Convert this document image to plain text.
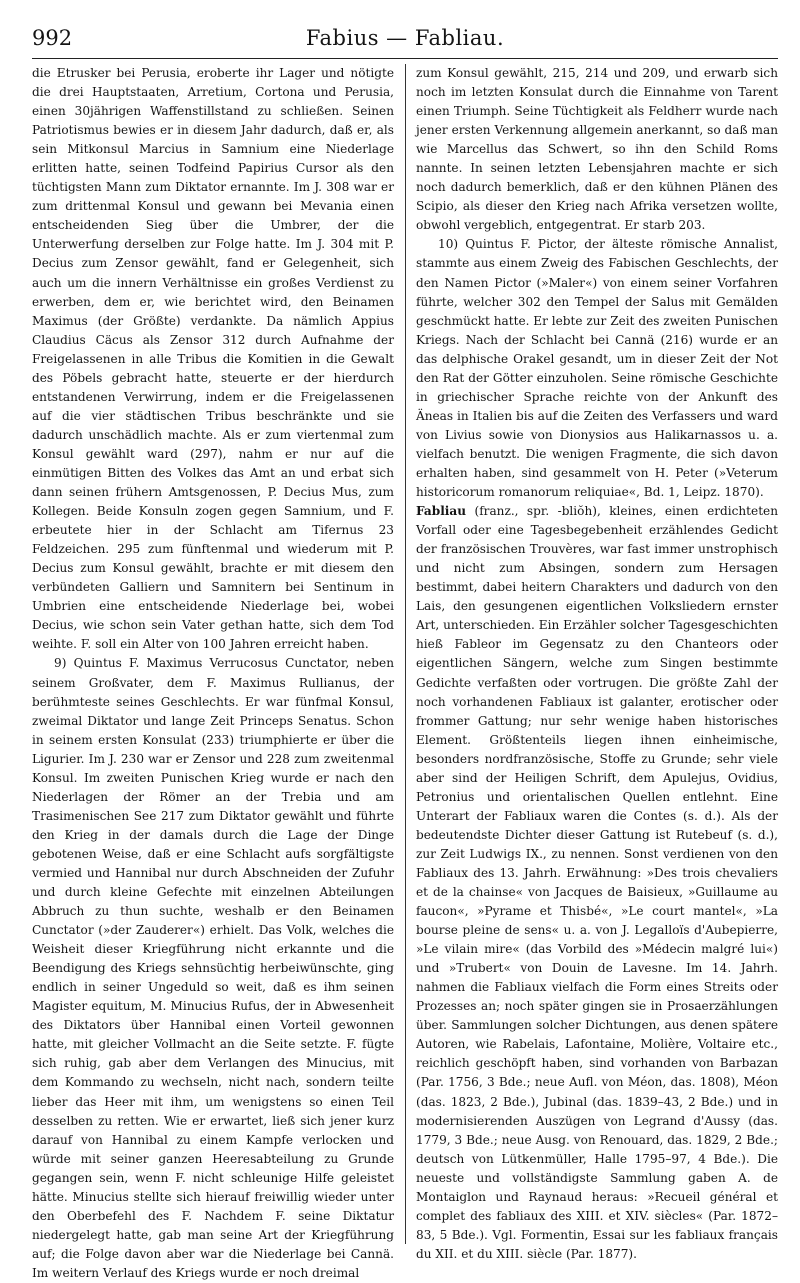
992	Fabius — Fabliau.

die Etrusker bei Perusia, eroberte ihr Lager und nötigte die drei Hauptstaaten, Arretium, Cortona und Perusia, einen 30jährigen Waffenstillstand zu schließen. Seinen Patriotismus bewies er in diesem Jahr dadurch, daß er, als sein Mitkonsul Marcius in Samnium eine Niederlage erlitten hatte, seinen Todfeind Papirius Cursor als den tüchtigsten Mann zum Diktator ernannte. Im J. 308 war er zum drittenmal Konsul und gewann bei Mevania einen entscheidenden Sieg über die Umbrer, der die Unterwerfung derselben zur Folge hatte. Im J. 304 mit P. Decius zum Zensor gewählt, fand er Gelegenheit, sich auch um die innern Verhältnisse ein großes Verdienst zu erwerben, dem er, wie berichtet wird, den Beinamen Maximus (der Größte) verdankte. Da nämlich Appius Claudius Cäcus als Zensor 312 durch Aufnahme der Freigelassenen in alle Tribus die Komitien in die Gewalt des Pöbels gebracht hatte, steuerte er der hierdurch entstandenen Verwirrung, indem er die Freigelassenen auf die vier städtischen Tribus beschränkte und sie dadurch unschädlich machte. Als er zum viertenmal zum Konsul gewählt ward (297), nahm er nur auf die einmütigen Bitten des Volkes das Amt an und erbat sich dann seinen frühern Amtsgenossen, P. Decius Mus, zum Kollegen. Beide Konsuln zogen gegen Samnium, und F. erbeutete hier in der Schlacht am Tifernus 23 Feldzeichen. 295 zum fünftenmal und wiederum mit P. Decius zum Konsul gewählt, brachte er mit diesem den verbündeten Galliern und Samnitern bei Sentinum in Umbrien eine entscheidende Niederlage bei, wobei Decius, wie schon sein Vater gethan hatte, sich dem Tod weihte. F. soll ein Alter von 100 Jahren erreicht haben.

9) Quintus F. Maximus Verrucosus Cunctator, neben seinem Großvater, dem F. Maximus Rullianus, der berühmteste seines Geschlechts. Er war fünfmal Konsul, zweimal Diktator und lange Zeit Princeps Senatus. Schon in seinem ersten Konsulat (233) triumphierte er über die Ligurier. Im J. 230 war er Zensor und 228 zum zweitenmal Konsul. Im zweiten Punischen Krieg wurde er nach den Niederlagen der Römer an der Trebia und am Trasimenischen See 217 zum Diktator gewählt und führte den Krieg in der damals durch die Lage der Dinge gebotenen Weise, daß er eine Schlacht aufs sorgfältigste vermied und Hannibal nur durch Abschneiden der Zufuhr und durch kleine Gefechte mit einzelnen Abteilungen Abbruch zu thun suchte, weshalb er den Beinamen Cunctator (»der Zauderer«) erhielt. Das Volk, welches die Weisheit dieser Kriegführung nicht erkannte und die Beendigung des Kriegs sehnsüchtig herbeiwünschte, ging endlich in seiner Ungeduld so weit, daß es ihm seinen Magister equitum, M. Minucius Rufus, der in Abwesenheit des Diktators über Hannibal einen Vorteil gewonnen hatte, mit gleicher Vollmacht an die Seite setzte. F. fügte sich ruhig, gab aber dem Verlangen des Minucius, mit dem Kommando zu wechseln, nicht nach, sondern teilte lieber das Heer mit ihm, um wenigstens so einen Teil desselben zu retten. Wie er erwartet, ließ sich jener kurz darauf von Hannibal zu einem Kampfe verlocken und würde mit seiner ganzen Heeresabteilung zu Grunde gegangen sein, wenn F. nicht schleunige Hilfe geleistet hätte. Minucius stellte sich hierauf freiwillig wieder unter den Oberbefehl des F. Nachdem F. seine Diktatur niedergelegt hatte, gab man seine Art der Kriegführung auf; die Folge davon aber war die Niederlage bei Cannä. Im weitern Verlauf des Kriegs wurde er noch dreimal

zum Konsul gewählt, 215, 214 und 209, und erwarb sich noch im letzten Konsulat durch die Einnahme von Tarent einen Triumph. Seine Tüchtigkeit als Feldherr wurde nach jener ersten Verkennung allgemein anerkannt, so daß man wie Marcellus das Schwert, so ihn den Schild Roms nannte. In seinen letzten Lebensjahren machte er sich noch dadurch bemerklich, daß er den kühnen Plänen des Scipio, als dieser den Krieg nach Afrika versetzen wollte, obwohl vergeblich, entgegentrat. Er starb 203.

10) Quintus F. Pictor, der älteste römische Annalist, stammte aus einem Zweig des Fabischen Geschlechts, der den Namen Pictor (»Maler«) von einem seiner Vorfahren führte, welcher 302 den Tempel der Salus mit Gemälden geschmückt hatte. Er lebte zur Zeit des zweiten Punischen Kriegs. Nach der Schlacht bei Cannä (216) wurde er an das delphische Orakel gesandt, um in dieser Zeit der Not den Rat der Götter einzuholen. Seine römische Geschichte in griechischer Sprache reichte von der Ankunft des Äneas in Italien bis auf die Zeiten des Verfassers und ward von Livius sowie von Dionysios aus Halikarnassos u. a. vielfach benutzt. Die wenigen Fragmente, die sich davon erhalten haben, sind gesammelt von H. Peter (»Veterum historicorum romanorum reliquiae«, Bd. 1, Leipz. 1870).

Fabliau (franz., spr. -bliŏh), kleines, einen erdichteten Vorfall oder eine Tagesbegebenheit erzählendes Gedicht der französischen Trouvères, war fast immer unstrophisch und nicht zum Absingen, sondern zum Hersagen bestimmt, dabei heitern Charakters und dadurch von den Lais, den gesungenen eigentlichen Volksliedern ernster Art, unterschieden. Ein Erzähler solcher Tagesgeschichten hieß Fableor im Gegensatz zu den Chanteors oder eigentlichen Sängern, welche zum Singen bestimmte Gedichte verfaßten oder vortrugen. Die größte Zahl der noch vorhandenen Fabliaux ist galanter, erotischer oder frommer Gattung; nur sehr wenige haben historisches Element. Größtenteils liegen ihnen einheimische, besonders nordfranzösische, Stoffe zu Grunde; sehr viele aber sind der Heiligen Schrift, dem Apulejus, Ovidius, Petronius und orientalischen Quellen entlehnt. Eine Unterart der Fabliaux waren die Contes (s. d.). Als der bedeutendste Dichter dieser Gattung ist Rutebeuf (s. d.), zur Zeit Ludwigs IX., zu nennen. Sonst verdienen von den Fabliaux des 13. Jahrh. Erwähnung: »Des trois chevaliers et de la chainse« von Jacques de Baisieux, »Guillaume au faucon«, »Pyrame et Thisbé«, »Le court mantel«, »La bourse pleine de sens« u. a. von J. Legalloïs d'Aubepierre, »Le vilain mire« (das Vorbild des »Médecin malgré lui«) und »Trubert« von Douin de Lavesne. Im 14. Jahrh. nahmen die Fabliaux vielfach die Form eines Streits oder Prozesses an; noch später gingen sie in Prosaerzählungen über. Sammlungen solcher Dichtungen, aus denen spätere Autoren, wie Rabelais, Lafontaine, Molière, Voltaire etc., reichlich geschöpft haben, sind vorhanden von Barbazan (Par. 1756, 3 Bde.; neue Aufl. von Méon, das. 1808), Méon (das. 1823, 2 Bde.), Jubinal (das. 1839–43, 2 Bde.) und in modernisierenden Auszügen von Legrand d'Aussy (das. 1779, 3 Bde.; neue Ausg. von Renouard, das. 1829, 2 Bde.; deutsch von Lütkenmüller, Halle 1795–97, 4 Bde.). Die neueste und vollständigste Sammlung gaben A. de Montaiglon und Raynaud heraus: »Recueil général et complet des fabliaux des XIII. et XIV. siècles« (Par. 1872–83, 5 Bde.). Vgl. Formentin, Essai sur les fabliaux français du XII. et du XIII. siècle (Par. 1877).
